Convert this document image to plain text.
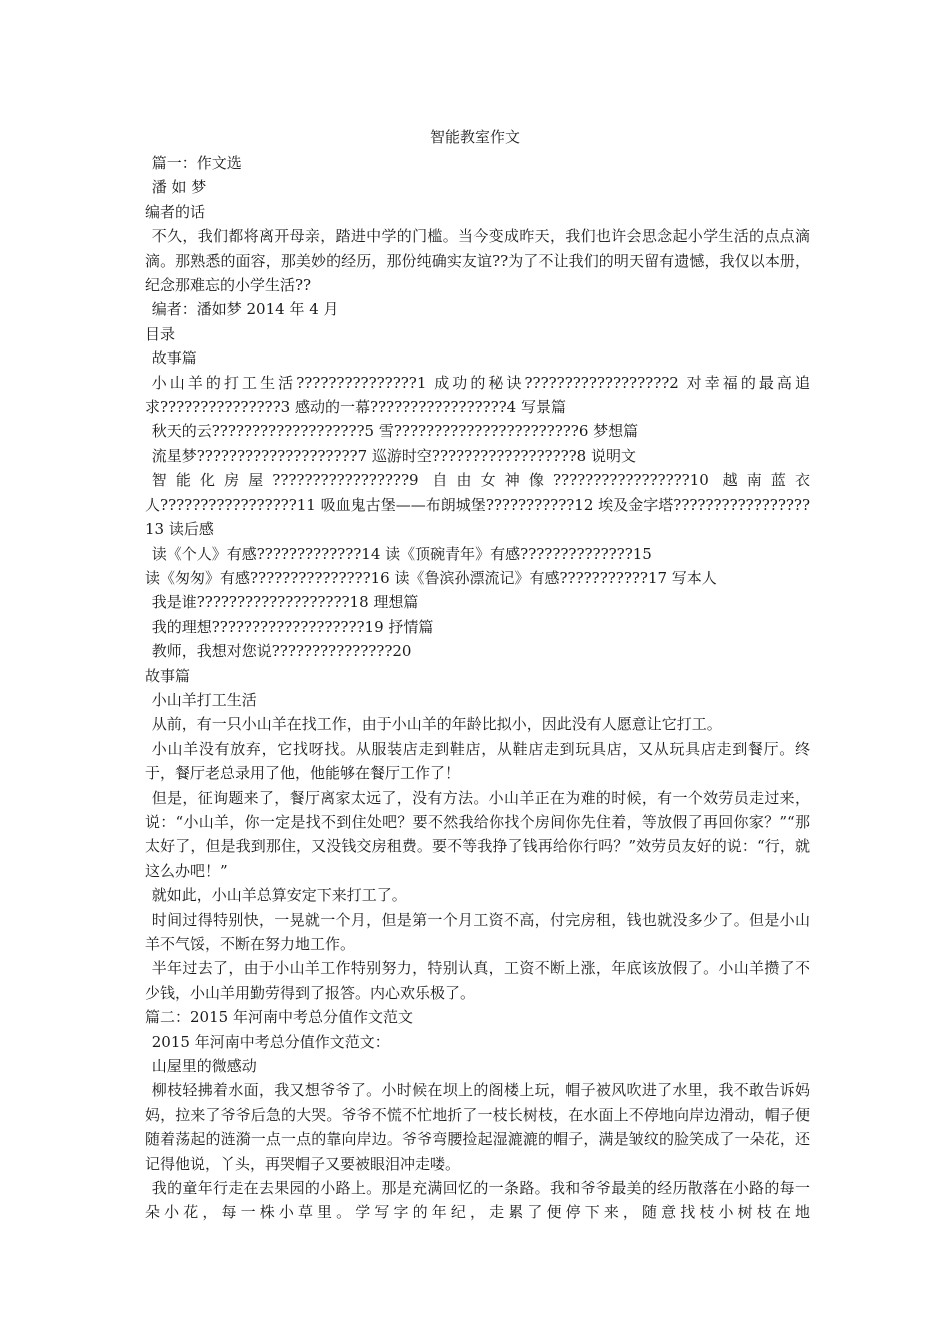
智能教室作文

篇一：作文选

潘 如 梦

编者的话

不久，我们都将离开母亲，踏进中学的门槛。当今变成昨天，我们也许会思念起小学生活的点点滴滴。那熟悉的面容，那美妙的经历，那份纯确实友谊??为了不让我们的明天留有遗憾，我仅以本册，纪念那难忘的小学生活??

编者：潘如梦 2014 年 4 月

目录

故事篇

小山羊的打工生活???????????????1 成功的秘诀??????????????????2 对幸福的最高追求???????????????3 感动的一幕?????????????????4 写景篇

秋天的云???????????????????5 雪???????????????????????6 梦想篇

流星梦????????????????????7 巡游时空??????????????????8 说明文

智能化房屋?????????????????9 自由女神像?????????????????10 越南蓝衣人?????????????????11 吸血鬼古堡——布朗城堡???????????12 埃及金字塔?????????????????13 读后感

读《个人》有感?????????????14 读《顶碗青年》有感??????????????15

读《匆匆》有感???????????????16 读《鲁滨孙漂流记》有感???????????17 写本人

我是谁???????????????????18 理想篇

我的理想???????????????????19 抒情篇

教师，我想对您说???????????????20

故事篇

小山羊打工生活

从前，有一只小山羊在找工作，由于小山羊的年龄比拟小，因此没有人愿意让它打工。

小山羊没有放弃，它找呀找。从服装店走到鞋店，从鞋店走到玩具店，又从玩具店走到餐厅。终于，餐厅老总录用了他，他能够在餐厅工作了！

但是，征询题来了，餐厅离家太远了，没有方法。小山羊正在为难的时候，有一个效劳员走过来，说：“小山羊，你一定是找不到住处吧？要不然我给你找个房间你先住着，等放假了再回你家？”“那太好了，但是我到那住，又没钱交房租费。要不等我挣了钱再给你行吗？”效劳员友好的说：“行，就这么办吧！”

就如此，小山羊总算安定下来打工了。

时间过得特别快，一晃就一个月，但是第一个月工资不高，付完房租，钱也就没多少了。但是小山羊不气馁，不断在努力地工作。

半年过去了，由于小山羊工作特别努力，特别认真，工资不断上涨，年底该放假了。小山羊攒了不少钱，小山羊用勤劳得到了报答。内心欢乐极了。

篇二：2015 年河南中考总分值作文范文

2015 年河南中考总分值作文范文：

山屋里的微感动

柳枝轻拂着水面，我又想爷爷了。小时候在坝上的阁楼上玩，帽子被风吹进了水里，我不敢告诉妈妈，拉来了爷爷后急的大哭。爷爷不慌不忙地折了一枝长树枝，在水面上不停地向岸边滑动，帽子便随着荡起的涟漪一点一点的靠向岸边。爷爷弯腰捡起湿漉漉的帽子，满是皱纹的脸笑成了一朵花，还记得他说，丫头，再哭帽子又要被眼泪冲走喽。

我的童年行走在去果园的小路上。那是充满回忆的一条路。我和爷爷最美的经历散落在小路的每一朵小花，每一株小草里。学写字的年纪，走累了便停下来，随意找枝小树枝在地
